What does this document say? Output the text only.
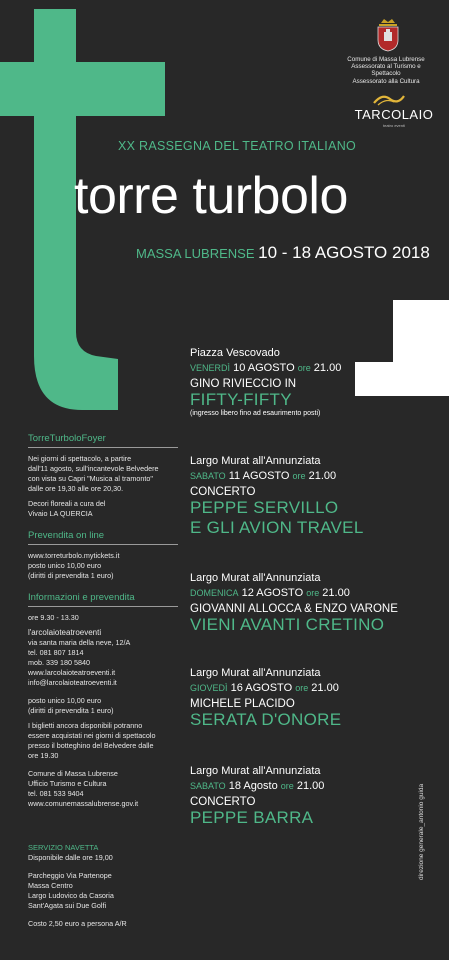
Comune di Massa Lubrense
Assessorato al Turismo e Spettacolo
Assessorato alla Cultura
TARCOLAIO
teatro eventi
XX RASSEGNA DEL TEATRO ITALIANO
torre turbolo
MASSA LUBRENSE 10 - 18 AGOSTO 2018
Piazza Vescovado
VENERDÌ 10 AGOSTO ore 21.00
GINO RIVIECCIO IN
FIFTY-FIFTY
(ingresso libero fino ad esaurimento posti)
Largo Murat all'Annunziata
SABATO 11 AGOSTO ore 21.00
CONCERTO
PEPPE SERVILLO
E GLI AVION TRAVEL
Largo Murat all'Annunziata
DOMENICA 12 AGOSTO ore 21.00
GIOVANNI ALLOCCA & ENZO VARONE
VIENI AVANTI CRETINO
Largo Murat all'Annunziata
GIOVEDÌ 16 AGOSTO ore 21.00
MICHELE PLACIDO
SERATA D'ONORE
Largo Murat all'Annunziata
SABATO 18 Agosto ore 21.00
CONCERTO
PEPPE BARRA
TorreTurboloFoyer
Nei giorni di spettacolo, a partire
dall'11 agosto, sull'incantevole Belvedere
con vista su Capri "Musica al tramonto"
dalle ore 19,30 alle ore 20,30.
Decori floreali a cura del
Vivaio LA QUERCIA
Prevendita on line
www.torreturbolo.mytickets.it
posto unico 10,00 euro
(diritti di prevendita 1 euro)
Informazioni e prevendita
ore 9.30 - 13.30
l'arcolaioteatroeventi
via santa maria della neve, 12/A
tel. 081 807 1814
mob. 339 180 5840
www.larcolaioteatroeventi.it
info@larcolaioteatroeventi.it
posto unico 10,00 euro
(diritti di prevendita 1 euro)
I biglietti ancora disponibili potranno
essere acquistati nei giorni di spettacolo
presso il botteghino del Belvedere dalle
ore 19.30
Comune di Massa Lubrense
Ufficio Turismo e Cultura
tel. 081 533 9404
www.comunemassalubrense.gov.it
SERVIZIO NAVETTA
Disponibile dalle ore 19,00
Parcheggio Via Partenope
Massa Centro
Largo Ludovico da Casoria
Sant'Agata sui Due Golfi
Costo 2,50 euro a persona A/R
direzione generale_antonio guida
